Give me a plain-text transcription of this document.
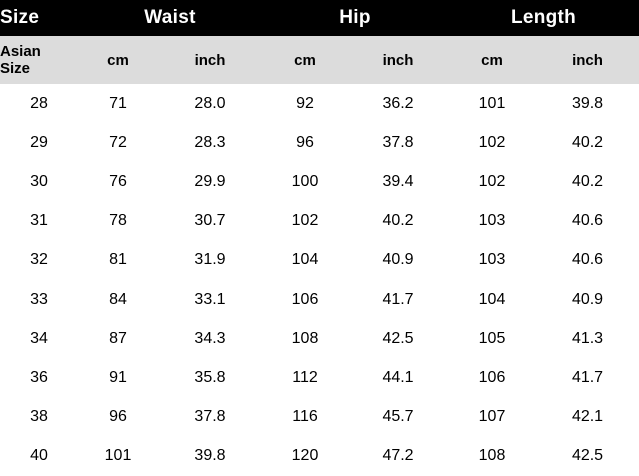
Size	Waist		Hip		Length	
Asian
Size	cm	inch	cm	inch	cm	inch
28	71	28.0	92	36.2	101	39.8
29	72	28.3	96	37.8	102	40.2
30	76	29.9	100	39.4	102	40.2
31	78	30.7	102	40.2	103	40.6
32	81	31.9	104	40.9	103	40.6
33	84	33.1	106	41.7	104	40.9
34	87	34.3	108	42.5	105	41.3
36	91	35.8	112	44.1	106	41.7
38	96	37.8	116	45.7	107	42.1
40	101	39.8	120	47.2	108	42.5
